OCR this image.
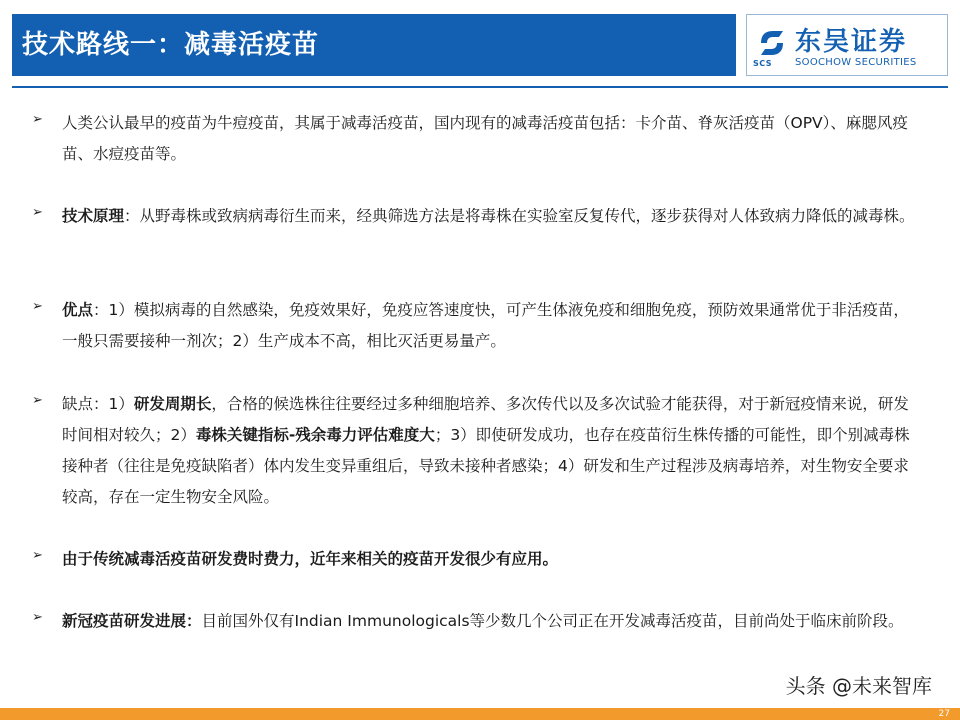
技术路线一：减毒活疫苗
SCS
东吴证券
SOOCHOW SECURITIES
➢ 人类公认最早的疫苗为牛痘疫苗，其属于减毒活疫苗，国内现有的减毒活疫苗包括：卡介苗、脊灰活疫苗（OPV）、麻腮风疫苗、水痘疫苗等。
➢ 技术原理：从野毒株或致病病毒衍生而来，经典筛选方法是将毒株在实验室反复传代，逐步获得对人体致病力降低的减毒株。
➢ 优点：1）模拟病毒的自然感染，免疫效果好，免疫应答速度快，可产生体液免疫和细胞免疫，预防效果通常优于非活疫苗，一般只需要接种一剂次；2）生产成本不高，相比灭活更易量产。
➢ 缺点：1）研发周期长，合格的候选株往往要经过多种细胞培养、多次传代以及多次试验才能获得，对于新冠疫情来说，研发时间相对较久；2）毒株关键指标-残余毒力评估难度大；3）即使研发成功，也存在疫苗衍生株传播的可能性，即个别减毒株接种者（往往是免疫缺陷者）体内发生变异重组后，导致未接种者感染；4）研发和生产过程涉及病毒培养，对生物安全要求较高，存在一定生物安全风险。
➢ 由于传统减毒活疫苗研发费时费力，近年来相关的疫苗开发很少有应用。
➢ 新冠疫苗研发进展：目前国外仅有Indian Immunologicals等少数几个公司正在开发减毒活疫苗，目前尚处于临床前阶段。
头条 @未来智库
27
